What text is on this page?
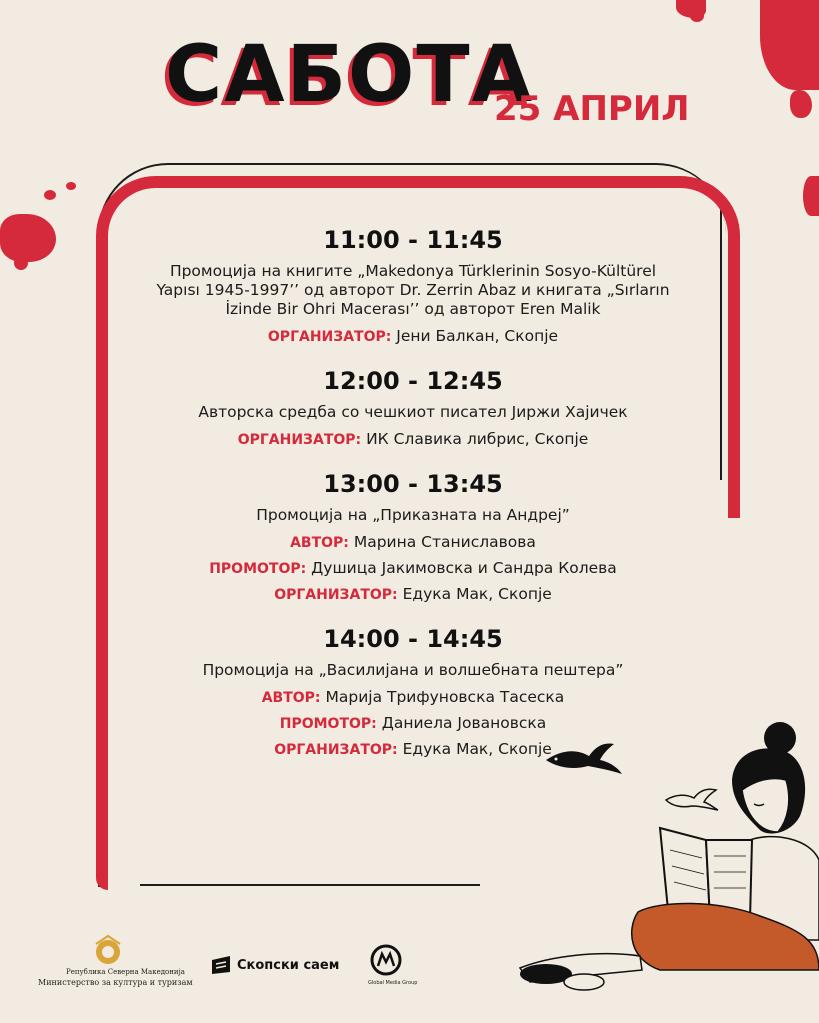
САБОТА
25 АПРИЛ
11:00 - 11:45

Промоција на книгите „Makedonya Türklerinin Sosyo-Kültürel

Yapısı 1945-1997’’ од авторот Dr. Zerrin Abaz и книгата „Sırların

İzinde Bir Ohri Macerası’’ од авторот Eren Malik

ОРГАНИЗАТОР: Јени Балкан, Скопје

12:00 - 12:45

Авторска средба со чешкиот писател Јиржи Хајичек

ОРГАНИЗАТОР: ИК Славика либрис, Скопје

13:00 - 13:45

Промоција на „Приказната на Андреј”

АВТОР: Марина Станиславова

ПРОМОТОР: Душица Јакимовска и Сандра Колева

ОРГАНИЗАТОР: Едука Мак, Скопје

14:00 - 14:45

Промоција на „Василијана и волшебната пештера”

АВТОР: Марија Трифуновска Тасеска

ПРОМОТОР: Даниела Јовановска

ОРГАНИЗАТОР: Едука Мак, Скопје

Република Северна Македонија
Министерство за култура и туризам
Скопски саем
Global Media Group
